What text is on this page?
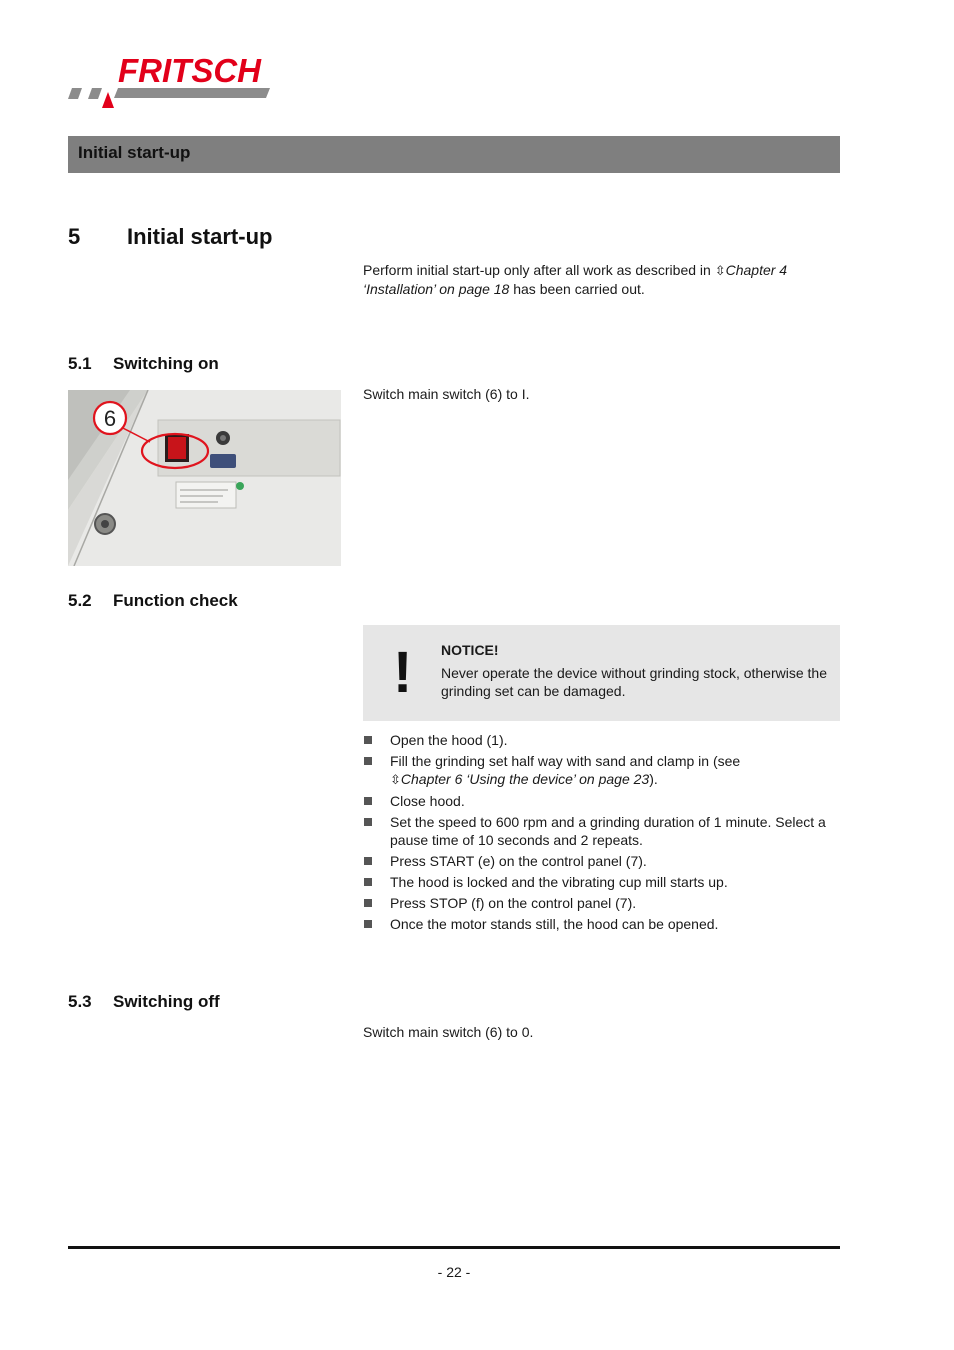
FRITSCH
Initial start-up
5 Initial start-up
Perform initial start-up only after all work as described in ⇳Chapter 4 ‘Installation’ on page 18 has been carried out.
5.1 Switching on
6
Switch main switch (6) to I.
5.2 Function check
! NOTICE!
Never operate the device without grinding stock, otherwise the grinding set can be damaged.
Open the hood (1).
Fill the grinding set half way with sand and clamp in (see
⇳Chapter 6 ‘Using the device’ on page 23).
Close hood.
Set the speed to 600 rpm and a grinding duration of 1 minute. Select a pause time of 10 seconds and 2 repeats.
Press START (e) on the control panel (7).
The hood is locked and the vibrating cup mill starts up.
Press STOP (f) on the control panel (7).
Once the motor stands still, the hood can be opened.
5.3 Switching off
Switch main switch (6) to 0.
- 22 -
